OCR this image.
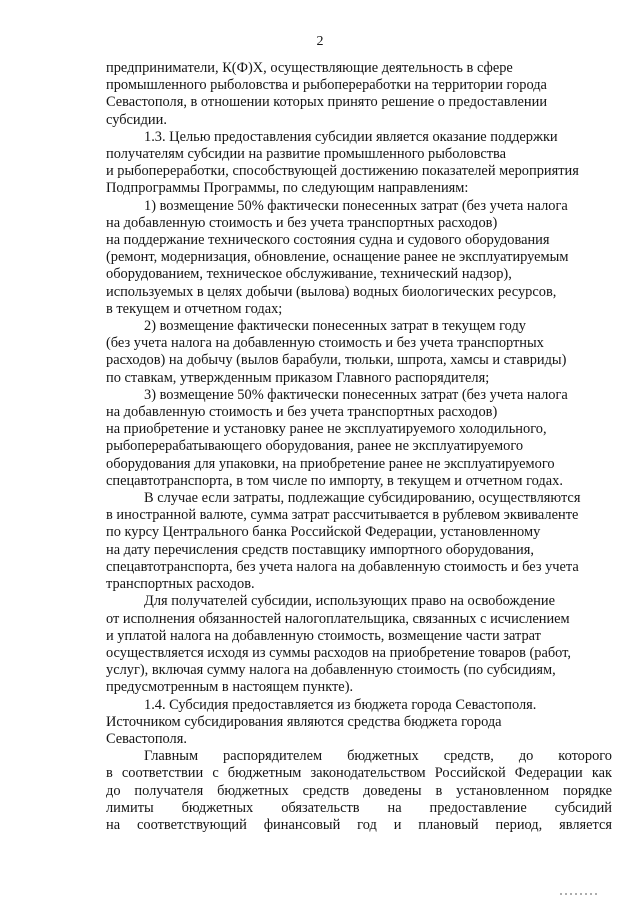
2

предприниматели, К(Ф)Х, осуществляющие деятельность в сфере
промышленного рыболовства и рыбопереработки на территории города
Севастополя, в отношении которых принято решение о предоставлении
субсидии.

1.3. Целью предоставления субсидии является оказание поддержки
получателям субсидии на развитие промышленного рыболовства
и рыбопереработки, способствующей достижению показателей мероприятия
Подпрограммы Программы, по следующим направлениям:

1) возмещение 50% фактически понесенных затрат (без учета налога
на добавленную стоимость и без учета транспортных расходов)
на поддержание технического состояния судна и судового оборудования
(ремонт, модернизация, обновление, оснащение ранее не эксплуатируемым
оборудованием, техническое обслуживание, технический надзор),
используемых в целях добычи (вылова) водных биологических ресурсов,
в текущем и отчетном годах;

2) возмещение фактически понесенных затрат в текущем году
(без учета налога на добавленную стоимость и без учета транспортных
расходов) на добычу (вылов барабули, тюльки, шпрота, хамсы и ставриды)
по ставкам, утвержденным приказом Главного распорядителя;

3) возмещение 50% фактически понесенных затрат (без учета налога
на добавленную стоимость и без учета транспортных расходов)
на приобретение и установку ранее не эксплуатируемого холодильного,
рыбоперерабатывающего оборудования, ранее не эксплуатируемого
оборудования для упаковки, на приобретение ранее не эксплуатируемого
спецавтотранспорта, в том числе по импорту, в текущем и отчетном годах.

В случае если затраты, подлежащие субсидированию, осуществляются
в иностранной валюте, сумма затрат рассчитывается в рублевом эквиваленте
по курсу Центрального банка Российской Федерации, установленному
на дату перечисления средств поставщику импортного оборудования,
спецавтотранспорта, без учета налога на добавленную стоимость и без учета
транспортных расходов.

Для получателей субсидии, использующих право на освобождение
от исполнения обязанностей налогоплательщика, связанных с исчислением
и уплатой налога на добавленную стоимость, возмещение части затрат
осуществляется исходя из суммы расходов на приобретение товаров (работ,
услуг), включая сумму налога на добавленную стоимость (по субсидиям,
предусмотренным в настоящем пункте).

1.4. Субсидия предоставляется из бюджета города Севастополя.
Источником субсидирования являются средства бюджета города
Севастополя.

Главным распорядителем бюджетных средств, до которого
в соответствии с бюджетным законодательством Российской Федерации как
до получателя бюджетных средств доведены в установленном порядке
лимиты бюджетных обязательств на предоставление субсидий
на соответствующий финансовый год и плановый период, является
